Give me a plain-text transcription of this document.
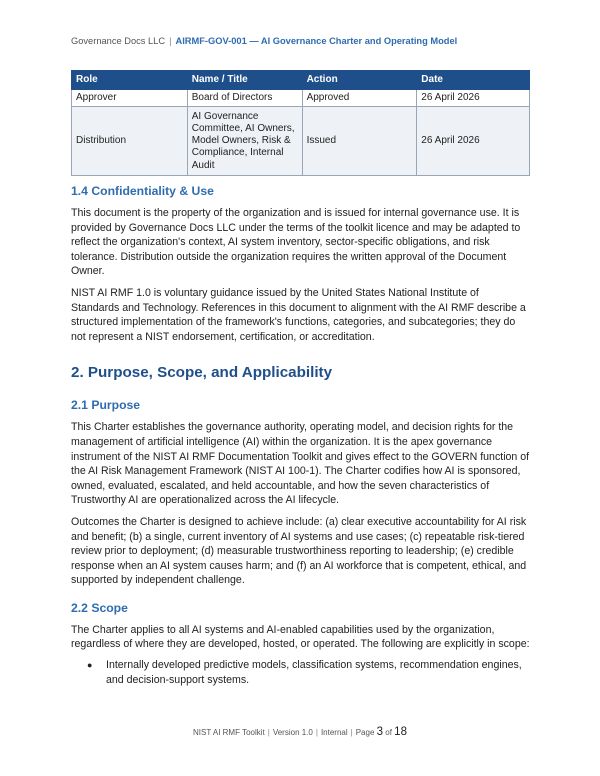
Governance Docs LLC | AIRMF-GOV-001 — AI Governance Charter and Operating Model
Role	Name / Title	Action	Date
Approver	Board of Directors	Approved	26 April 2026
Distribution	AI Governance Committee, AI Owners, Model Owners, Risk & Compliance, Internal Audit	Issued	26 April 2026
1.4 Confidentiality & Use

This document is the property of the organization and is issued for internal governance use. It is provided by Governance Docs LLC under the terms of the toolkit licence and may be adapted to reflect the organization's context, AI system inventory, sector-specific obligations, and risk tolerance. Distribution outside the organization requires the written approval of the Document Owner.

NIST AI RMF 1.0 is voluntary guidance issued by the United States National Institute of Standards and Technology. References in this document to alignment with the AI RMF describe a structured implementation of the framework's functions, categories, and subcategories; they do not represent a NIST endorsement, certification, or accreditation.

2. Purpose, Scope, and Applicability
2.1 Purpose

This Charter establishes the governance authority, operating model, and decision rights for the management of artificial intelligence (AI) within the organization. It is the apex governance instrument of the NIST AI RMF Documentation Toolkit and gives effect to the GOVERN function of the AI Risk Management Framework (NIST AI 100-1). The Charter codifies how AI is sponsored, owned, evaluated, escalated, and held accountable, and how the seven characteristics of Trustworthy AI are operationalized across the AI lifecycle.

Outcomes the Charter is designed to achieve include: (a) clear executive accountability for AI risk and benefit; (b) a single, current inventory of AI systems and use cases; (c) repeatable risk-tiered review prior to deployment; (d) measurable trustworthiness reporting to leadership; (e) credible response when an AI system causes harm; and (f) an AI workforce that is competent, ethical, and supported by independent challenge.

2.2 Scope

The Charter applies to all AI systems and AI-enabled capabilities used by the organization, regardless of where they are developed, hosted, or operated. The following are explicitly in scope:

● Internally developed predictive models, classification systems, recommendation engines, and decision-support systems.
NIST AI RMF Toolkit | Version 1.0 | Internal | Page 3 of 18
